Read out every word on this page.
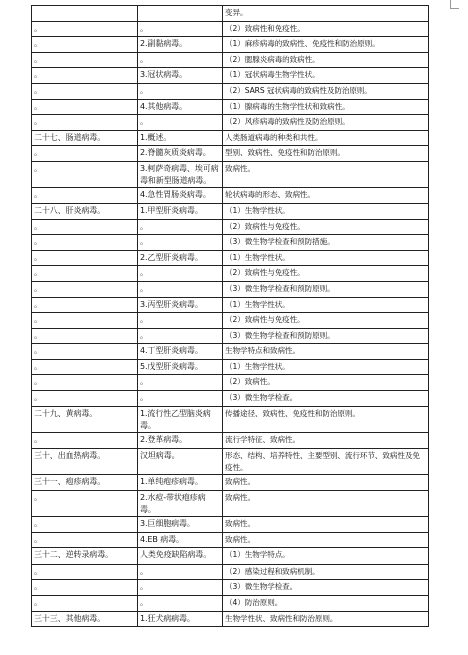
		变异。
。	。	（2）致病性和免疫性。
。	2.副黏病毒。	（1）麻疹病毒的致病性、免疫性和防治原则。
。	。	（2）腮腺炎病毒的致病性。
。	3.冠状病毒。	（1）冠状病毒生物学性状。
。	。	（2）SARS 冠状病毒的致病性及防治原则。
。	4.其他病毒。	（1）腺病毒的生物学性状和致病性。
。	。	（2）风疹病毒的致病性及防治原则。
二十七、肠道病毒。	1.概述。	人类肠道病毒的种类和共性。
。	2.脊髓灰质炎病毒。	型别、致病性、免疫性和防治原则。
。	3.柯萨奇病毒、埃可病毒和新型肠道病毒。	致病性。
。	4.急性胃肠炎病毒。	轮状病毒的形态、致病性。
二十八、肝炎病毒。	1.甲型肝炎病毒。	（1）生物学性状。
。	。	（2）致病性与免疫性。
。	。	（3）微生物学检查和预防措施。
。	2.乙型肝炎病毒。	（1）生物学性状。
。	。	（2）致病性与免疫性。
。	。	（3）微生物学检查和预防原则。
。	3.丙型肝炎病毒。	（1）生物学性状。
。	。	（2）致病性与免疫性。
。	。	（3）微生物学检查和预防原则。
。	4.丁型肝炎病毒。	生物学特点和致病性。
。	5.戊型肝炎病毒。	（1）生物学性状。
。	。	（2）致病性。
。	。	（3）微生物学检查。
二十九、黄病毒。	1.流行性乙型脑炎病毒。	传播途径、致病性、免疫性和防治原则。
。	2.登革病毒。	流行学特征、致病性。
三十、出血热病毒。	汉坦病毒。	形态、结构、培养特性、主要型别、流行环节、致病性及免疫性。
三十一、疱疹病毒。	1.单纯疱疹病毒。	致病性。
。	2.水痘-带状疱疹病毒。	致病性。
。	3.巨细胞病毒。	致病性。
。	4.EB 病毒。	致病性。
三十二、逆转录病毒。	人类免疫缺陷病毒。	（1）生物学特点。
。	。	（2）感染过程和致病机制。
。	。	（3）微生物学检查。
。	。	（4）防治原则。
三十三、其他病毒。	1.狂犬病病毒。	生物学性状、致病性和防治原则。
